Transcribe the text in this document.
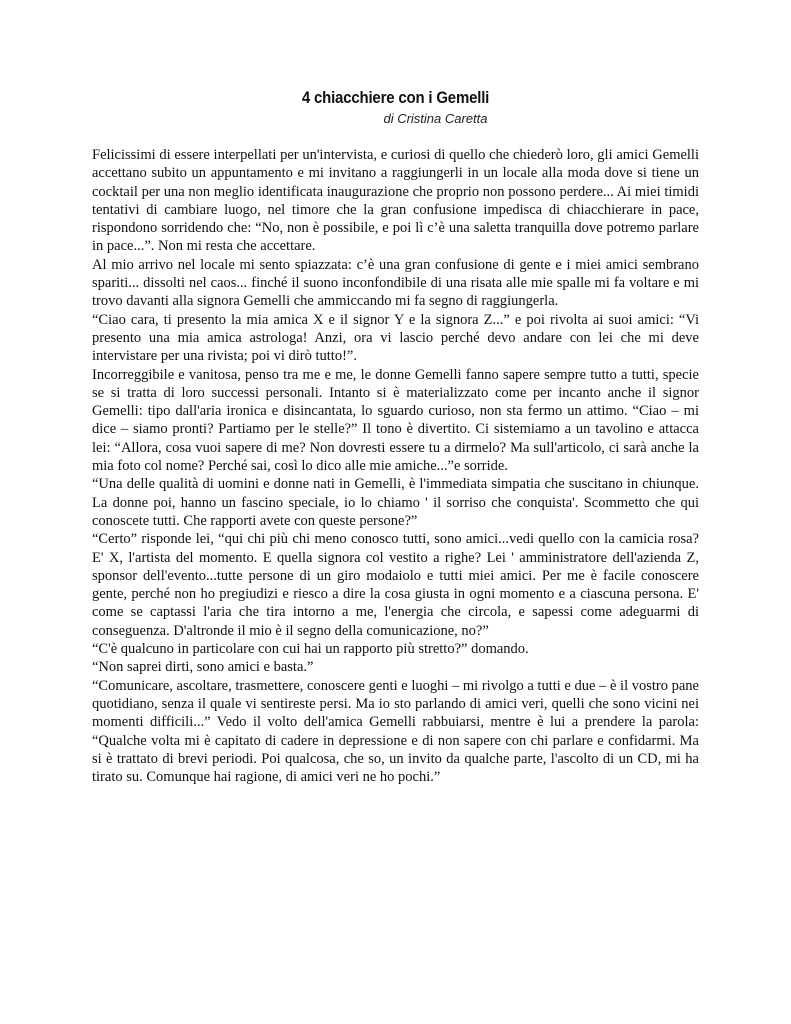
4 chiacchiere con i Gemelli
di Cristina Caretta

Felicissimi di essere interpellati per un'intervista, e curiosi di quello che chiederò loro, gli amici Gemelli accettano subito un appuntamento e mi invitano a raggiungerli in un locale alla moda dove si tiene un cocktail per una non meglio identificata inaugurazione che proprio non possono perdere... Ai miei timidi tentativi di cambiare luogo, nel timore che la gran confusione impedisca di chiacchierare in pace, rispondono sorridendo che: “No, non è possibile, e poi lì c’è una saletta tranquilla dove potremo parlare in pace...”. Non mi resta che accettare.

Al mio arrivo nel locale mi sento spiazzata: c’è una gran confusione di gente e i miei amici sembrano spariti... dissolti nel caos... finché il suono inconfondibile di una risata alle mie spalle mi fa voltare e mi trovo davanti alla signora Gemelli che ammiccando mi fa segno di raggiungerla.

“Ciao cara, ti presento la mia amica X e il signor Y e la signora Z...” e poi rivolta ai suoi amici: “Vi presento una mia amica astrologa! Anzi, ora vi lascio perché devo andare con lei che mi deve intervistare per una rivista; poi vi dirò tutto!”.

Incorreggibile e vanitosa, penso tra me e me, le donne Gemelli fanno sapere sempre tutto a tutti, specie se si tratta di loro successi personali. Intanto si è materializzato come per incanto anche il signor Gemelli: tipo dall'aria ironica e disincantata, lo sguardo curioso, non sta fermo un attimo. “Ciao – mi dice – siamo pronti? Partiamo per le stelle?” Il tono è divertito. Ci sistemiamo a un tavolino e attacca lei: “Allora, cosa vuoi sapere di me? Non dovresti essere tu a dirmelo? Ma sull'articolo, ci sarà anche la mia foto col nome? Perché sai, così lo dico alle mie amiche...”e sorride.

“Una delle qualità di uomini e donne nati in Gemelli, è l'immediata simpatia che suscitano in chiunque. La donne poi, hanno un fascino speciale, io lo chiamo ' il sorriso che conquista'. Scommetto che qui conoscete tutti. Che rapporti avete con queste persone?”

“Certo” risponde lei, “qui chi più chi meno conosco tutti, sono amici...vedi quello con la camicia rosa? E' X, l'artista del momento. E quella signora col vestito a righe? Lei ' amministratore dell'azienda Z, sponsor dell'evento...tutte persone di un giro modaiolo e tutti miei amici. Per me è facile conoscere gente, perché non ho pregiudizi e riesco a dire la cosa giusta in ogni momento e a ciascuna persona. E' come se captassi l'aria che tira intorno a me, l'energia che circola, e sapessi come adeguarmi di conseguenza. D'altronde il mio è il segno della comunicazione, no?”

“C'è qualcuno in particolare con cui hai un rapporto più stretto?” domando.

“Non saprei dirti, sono amici e basta.”

“Comunicare, ascoltare, trasmettere, conoscere genti e luoghi – mi rivolgo a tutti e due – è il vostro pane quotidiano, senza il quale vi sentireste persi. Ma io sto parlando di amici veri, quelli che sono vicini nei momenti difficili...” Vedo il volto dell'amica Gemelli rabbuiarsi, mentre è lui a prendere la parola: “Qualche volta mi è capitato di cadere in depressione e di non sapere con chi parlare e confidarmi. Ma si è trattato di brevi periodi. Poi qualcosa, che so, un invito da qualche parte, l'ascolto di un CD, mi ha tirato su. Comunque hai ragione, di amici veri ne ho pochi.”
